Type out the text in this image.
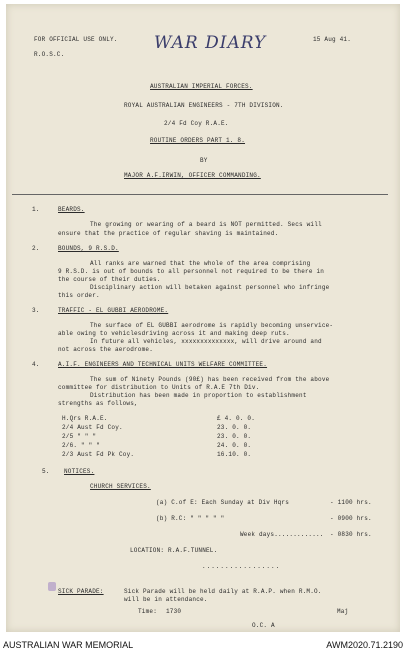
FOR OFFICIAL USE ONLY.
R.O.S.C.
WAR DIARY	15 Aug 41.
AUSTRALIAN IMPERIAL FORCES.
ROYAL AUSTRALIAN ENGINEERS - 7TH DIVISION.
2/4 Fd Coy R.A.E.
ROUTINE ORDERS PART 1. 8.
BY
MAJOR A.F.IRWIN, OFFICER COMMANDING.
1.	BEARDS.
The growing or wearing of a beard is NOT permitted. Secs will
ensure that the practice of regular shaving is maintained.
2.	BOUNDS, 9 R.S.D.
All ranks are warned that the whole of the area comprising
9 R.S.D. is out of bounds to all personnel not required to be there in
the course of their duties.
Disciplinary action will betaken against personnel who infringe
this order.
3.	TRAFFIC - EL GUBBI AERODROME.
The surface of EL GUBBI aerodrome is rapidly becoming unservice-
able owing to vehiclesdriving across it and making deep ruts.
In future all vehicles, xxxxxxxxxxxxxx, will drive around and
not across the aerodrome.
4.	A.I.F. ENGINEERS AND TECHNICAL UNITS WELFARE COMMITTEE.
The sum of Ninety Pounds (90£) has been received from the above
committee for distribution to Units of R.A.E 7th Div.
Distribution has been made in proportion to establishment
strengths as follows,
H.Qrs R.A.E.	£ 4. 0. 0.
2/4 Aust Fd Coy.	23. 0. 0.
2/5 " " "	23. 0. 0.
2/6. " " "	24. 0. 0.
2/3 Aust Fd Pk Coy.	16.10. 0.
5. NOTICES.
CHURCH SERVICES.
(a) C.of E: Each Sunday at Div Hqrs	- 1100 hrs.
(b) R.C: " " " " "	- 0900 hrs.
Week days............. - 0830 hrs.
LOCATION: R.A.F.TUNNEL.
.................
SICK PARADE:	Sick Parade will be held daily at R.A.P. when R.M.O.
will be in attendance.
Time: 1730	Maj
O.C. A
AUSTRALIAN WAR MEMORIAL	AWM2020.71.2190
